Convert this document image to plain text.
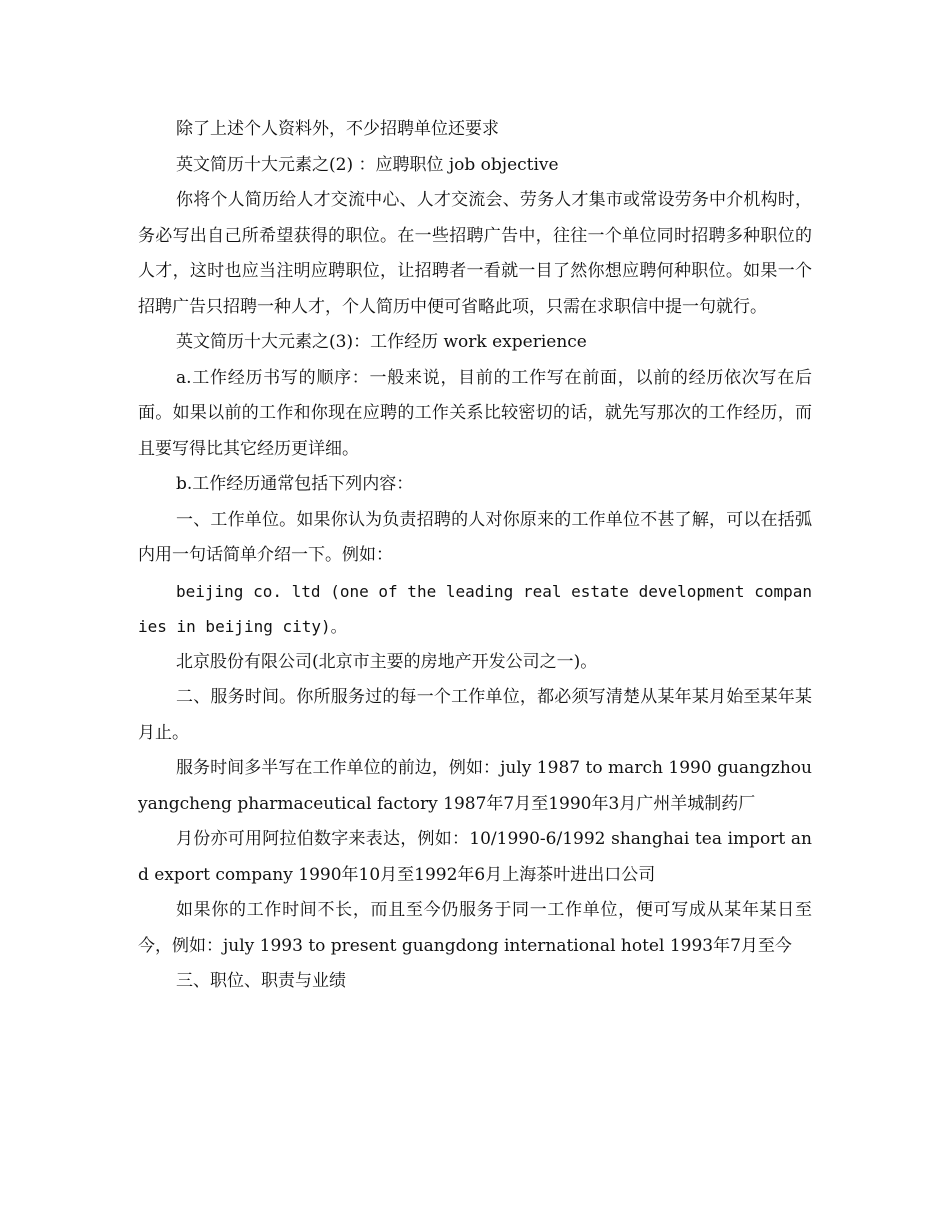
除了上述个人资料外，不少招聘单位还要求

英文简历十大元素之(2) ：应聘职位 job objective

你将个人简历给人才交流中心、人才交流会、劳务人才集市或常设劳务中介机构时，务必写出自己所希望获得的职位。在一些招聘广告中，往往一个单位同时招聘多种职位的人才，这时也应当注明应聘职位，让招聘者一看就一目了然你想应聘何种职位。如果一个招聘广告只招聘一种人才，个人简历中便可省略此项，只需在求职信中提一句就行。

英文简历十大元素之(3)：工作经历 work experience

a.工作经历书写的顺序：一般来说，目前的工作写在前面，以前的经历依次写在后面。如果以前的工作和你现在应聘的工作关系比较密切的话，就先写那次的工作经历，而且要写得比其它经历更详细。

b.工作经历通常包括下列内容：

一、工作单位。如果你认为负责招聘的人对你原来的工作单位不甚了解，可以在括弧内用一句话简单介绍一下。例如：

beijing co. ltd (one of the leading real estate development companies in beijing city)。

北京股份有限公司(北京市主要的房地产开发公司之一)。

二、服务时间。你所服务过的每一个工作单位，都必须写清楚从某年某月始至某年某月止。

服务时间多半写在工作单位的前边，例如：july 1987 to march 1990 guangzhou yangcheng pharmaceutical factory 1987年7月至1990年3月广州羊城制药厂

月份亦可用阿拉伯数字来表达，例如：10/1990-6/1992 shanghai tea import and export company 1990年10月至1992年6月上海茶叶进出口公司

如果你的工作时间不长，而且至今仍服务于同一工作单位，便可写成从某年某日至今，例如：july 1993 to present guangdong international hotel 1993年7月至今

三、职位、职责与业绩
